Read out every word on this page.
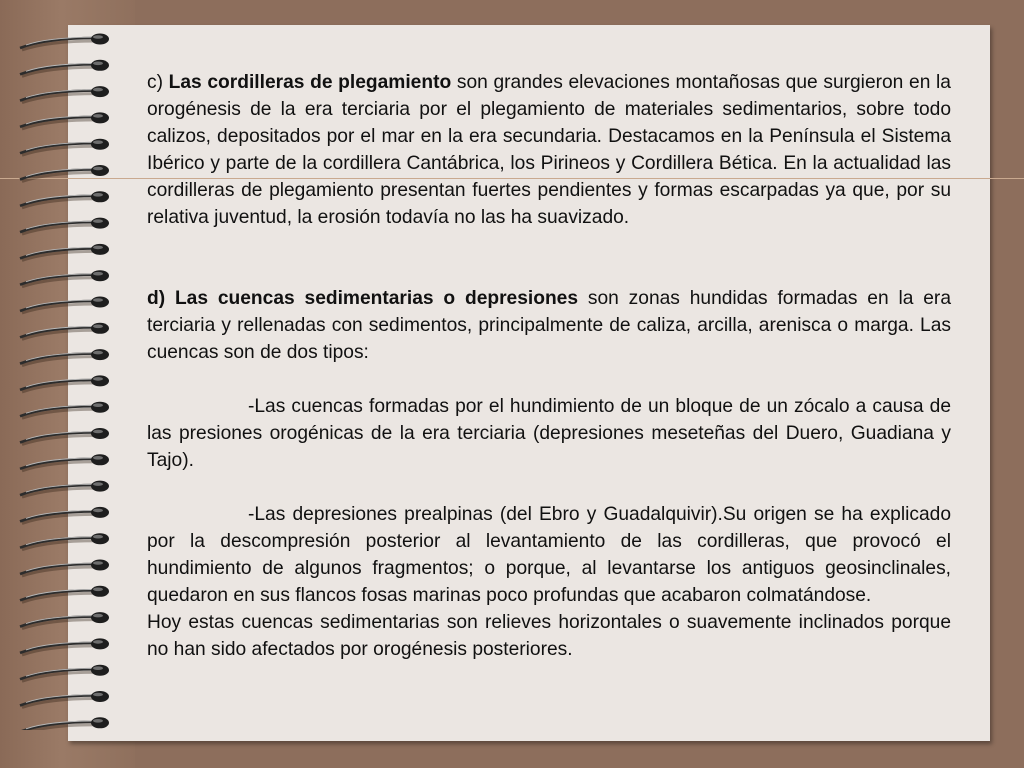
c) Las cordilleras de plegamiento son grandes elevaciones montañosas que surgieron en la orogénesis de la era terciaria por el plegamiento de materiales sedimentarios, sobre todo calizos, depositados por el mar en la era secundaria. Destacamos en la Península el Sistema Ibérico y parte de la cordillera Cantábrica, los Pirineos y Cordillera Bética. En la actualidad las cordilleras de plegamiento presentan fuertes pendientes y formas escarpadas ya que, por su relativa juventud, la erosión todavía no las ha suavizado.

d) Las cuencas sedimentarias o depresiones son zonas hundidas formadas en la era terciaria y rellenadas con sedimentos, principalmente de caliza, arcilla, arenisca o marga. Las cuencas son de dos tipos:

-Las cuencas formadas por el hundimiento de un bloque de un zócalo a causa de las presiones orogénicas de la era terciaria (depresiones meseteñas del Duero, Guadiana y Tajo).

-Las depresiones prealpinas (del Ebro y Guadalquivir).Su origen se ha explicado por la descompresión posterior al levantamiento de las cordilleras, que provocó el hundimiento de algunos fragmentos; o porque, al levantarse los antiguos geosinclinales, quedaron en sus flancos fosas marinas poco profundas que acabaron colmatándose.

Hoy estas cuencas sedimentarias son relieves horizontales o suavemente inclinados porque no han sido afectados por orogénesis posteriores.
